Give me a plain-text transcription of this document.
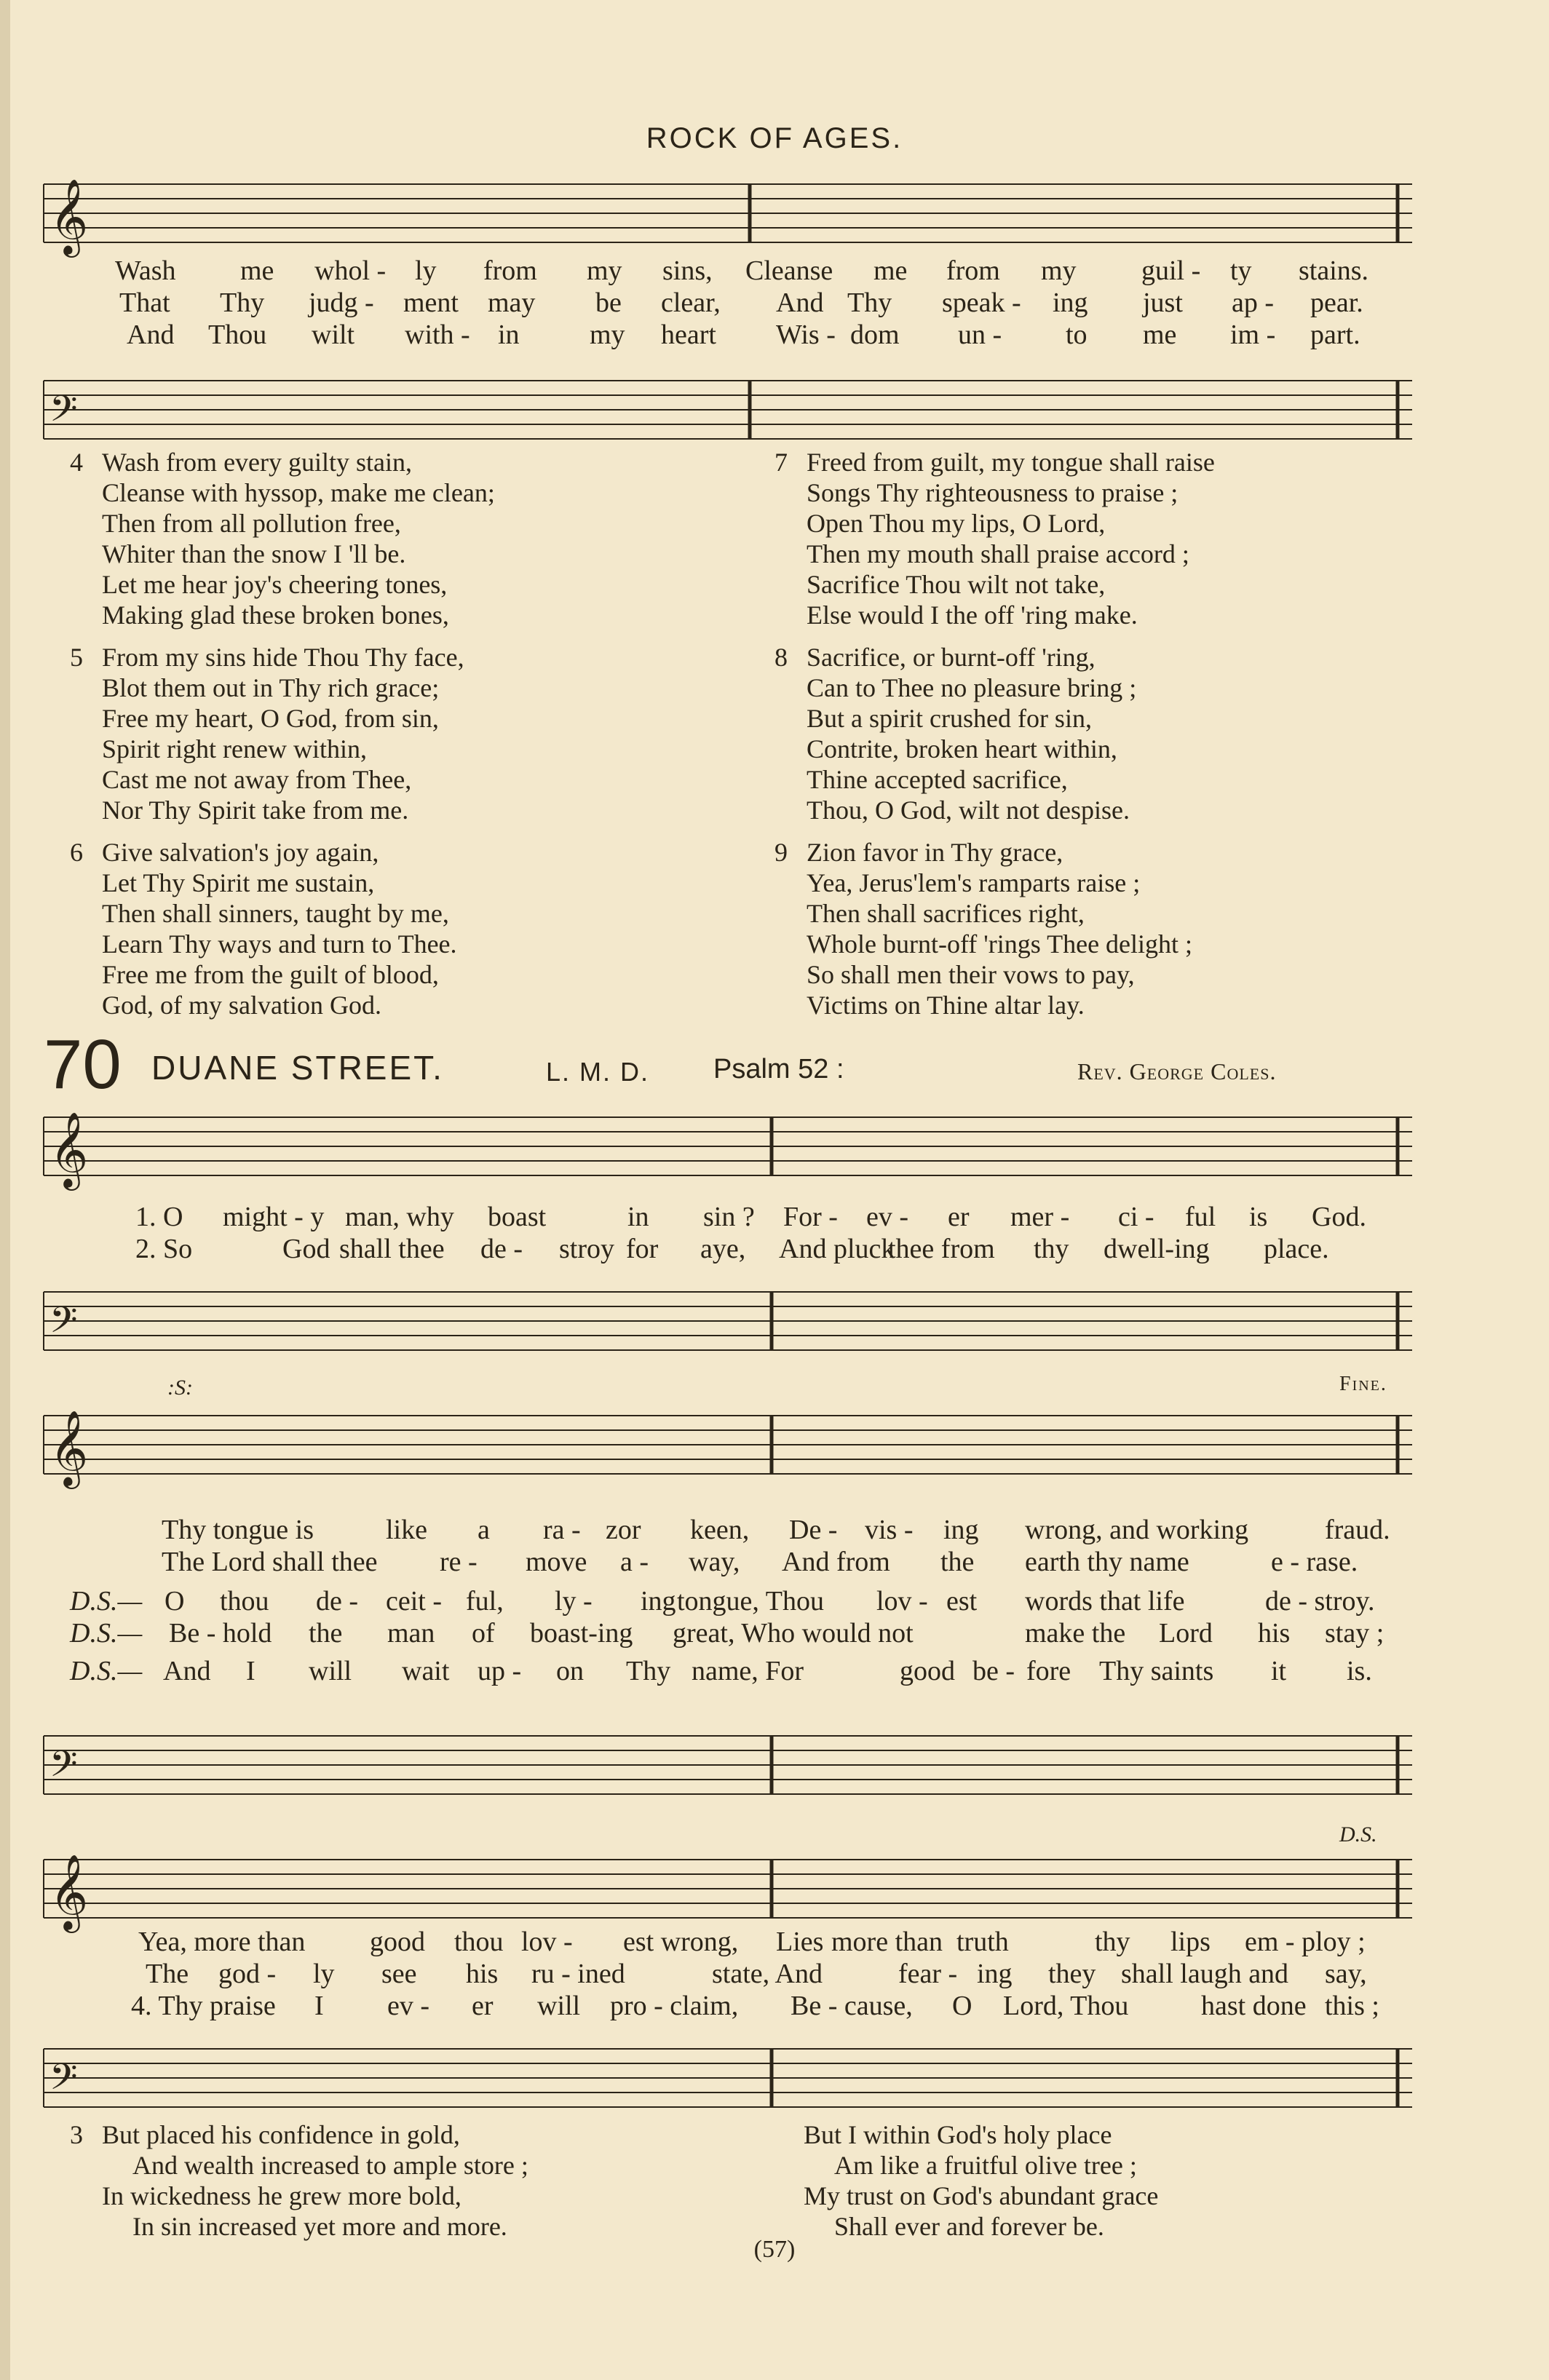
ROCK OF AGES.
𝄞
Wash me whol - ly from my sins, Cleanse me from my guil - ty stains.
That Thy judg - ment may be clear, And Thy speak - ing just ap - pear.
And Thou wilt with - in	my heart Wis - dom un - to me im - part.
𝄢
4 Wash from every guilty stain,
Cleanse with hyssop, make me clean;
Then from all pollution free,
Whiter than the snow I 'll be.
Let me hear joy's cheering tones,
Making glad these broken bones,
5 From my sins hide Thou Thy face,
Blot them out in Thy rich grace;
Free my heart, O God, from sin,
Spirit right renew within,
Cast me not away from Thee,
Nor Thy Spirit take from me.
6 Give salvation's joy again,
Let Thy Spirit me sustain,
Then shall sinners, taught by me,
Learn Thy ways and turn to Thee.
Free me from the guilt of blood,
God, of my salvation God.
7 Freed from guilt, my tongue shall raise
Songs Thy righteousness to praise ;
Open Thou my lips, O Lord,
Then my mouth shall praise accord ;
Sacrifice Thou wilt not take,
Else would I the off 'ring make.
8 Sacrifice, or burnt-off 'ring,
Can to Thee no pleasure bring ;
But a spirit crushed for sin,
Contrite, broken heart within,
Thine accepted sacrifice,
Thou, O God, wilt not despise.
9 Zion favor in Thy grace,
Yea, Jerus'lem's ramparts raise ;
Then shall sacrifices right,
Whole burnt-off 'rings Thee delight ;
So shall men their vows to pay,
Victims on Thine altar lay.
70 DUANE STREET.	L. M. D. Psalm 52 :	Rev. George Coles.
𝄞
1. O might - y man, why boast	in sin ? For - ev - er mer - ci - ful is God.
2. So	God shall thee de - stroy for aye, And pluck
thee from thy dwell-ing place.
𝄢
:S:	Fine.
𝄞
Thy tongue is	like a ra - zor keen, De - vis - ing wrong, and working	fraud.
The Lord shall thee re - move a - way, And from the earth thy name	e - rase.
D.S.— O thou de - ceit - ful, ly - ing tongue, Thou lov - est words that life	de - stroy.
D.S.— Be - hold the man of boast-ing great, Who would not	make the Lord his stay ;
D.S.— And I will wait up - on Thy name, For	good be - fore Thy saints it is.
𝄢
D.S.
𝄞
Yea, more than good thou lov - est wrong, Lies more than truth	thy lips em - ploy ;
The god - ly see his ru - ined	state, And	fear - ing they shall laugh and say,
4. Thy praise I ev - er will pro - claim, Be - cause, O Lord, Thou	hast done this ;
𝄢
3 But placed his confidence in gold,
And wealth increased to ample store ;
In wickedness he grew more bold,
In sin increased yet more and more.
But I within God's holy place
Am like a fruitful olive tree ;
My trust on God's abundant grace
Shall ever and forever be.
(57)
